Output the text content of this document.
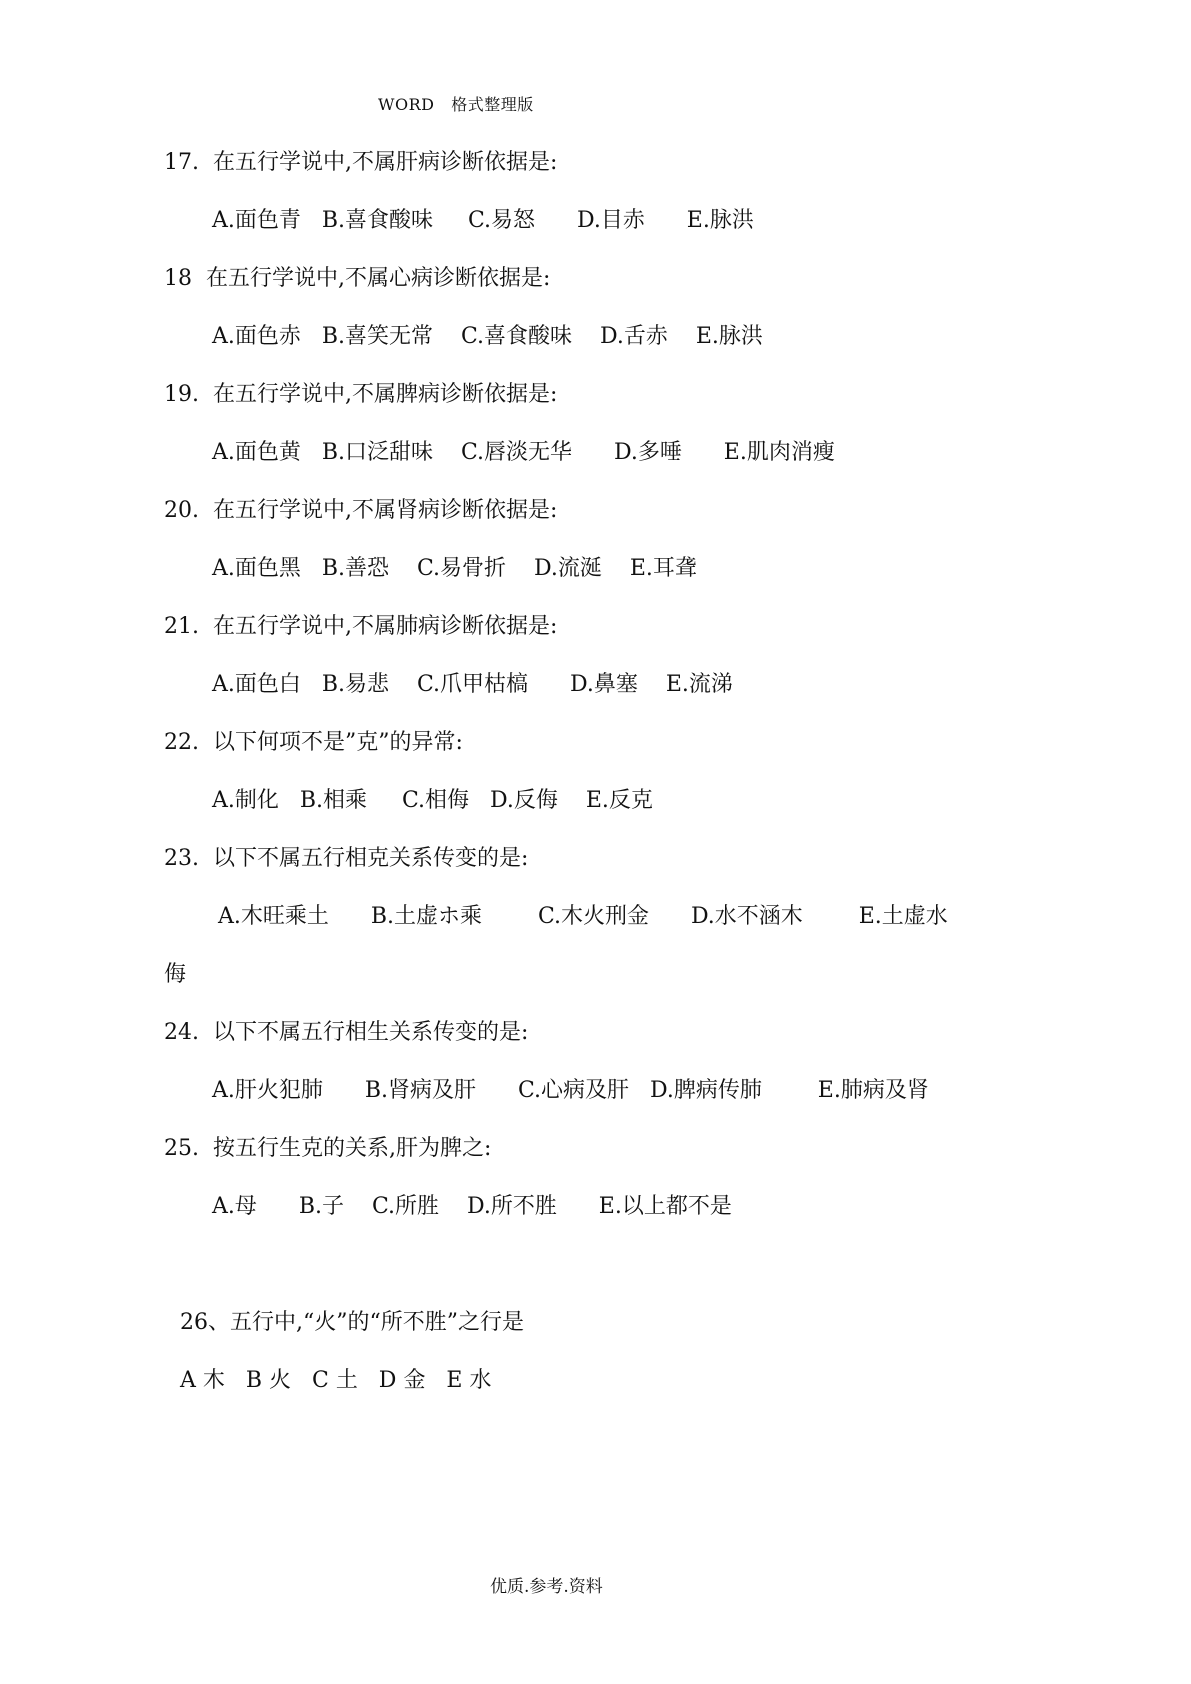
WORD   格式整理版
17.  在五行学说中,不属肝病诊断依据是:
A.面色青   B.喜食酸味     C.易怒      D.目赤      E.脉洪
18  在五行学说中,不属心病诊断依据是:
A.面色赤   B.喜笑无常    C.喜食酸味    D.舌赤    E.脉洪
19.  在五行学说中,不属脾病诊断依据是:
A.面色黄   B.口泛甜味    C.唇淡无华      D.多唾      E.肌肉消瘦
20.  在五行学说中,不属肾病诊断依据是:
A.面色黑   B.善恐    C.易骨折    D.流涎    E.耳聋
21.  在五行学说中,不属肺病诊断依据是:
A.面色白   B.易悲    C.爪甲枯槁      D.鼻塞    E.流涕
22.  以下何项不是”克”的异常:
A.制化   B.相乘     C.相侮   D.反侮    E.反克
23.  以下不属五行相克关系传变的是:
A.木旺乘土      B.土虚ホ乘        C.木火刑金      D.水不涵木        E.土虚水
侮
24.  以下不属五行相生关系传变的是:
A.肝火犯肺      B.肾病及肝      C.心病及肝   D.脾病传肺        E.肺病及肾
25.  按五行生克的关系,肝为脾之:
A.母      B.子    C.所胜    D.所不胜      E.以上都不是
26、五行中,“火”的“所不胜”之行是
A 木   B 火   C 土   D 金   E 水
优质.参考.资料
